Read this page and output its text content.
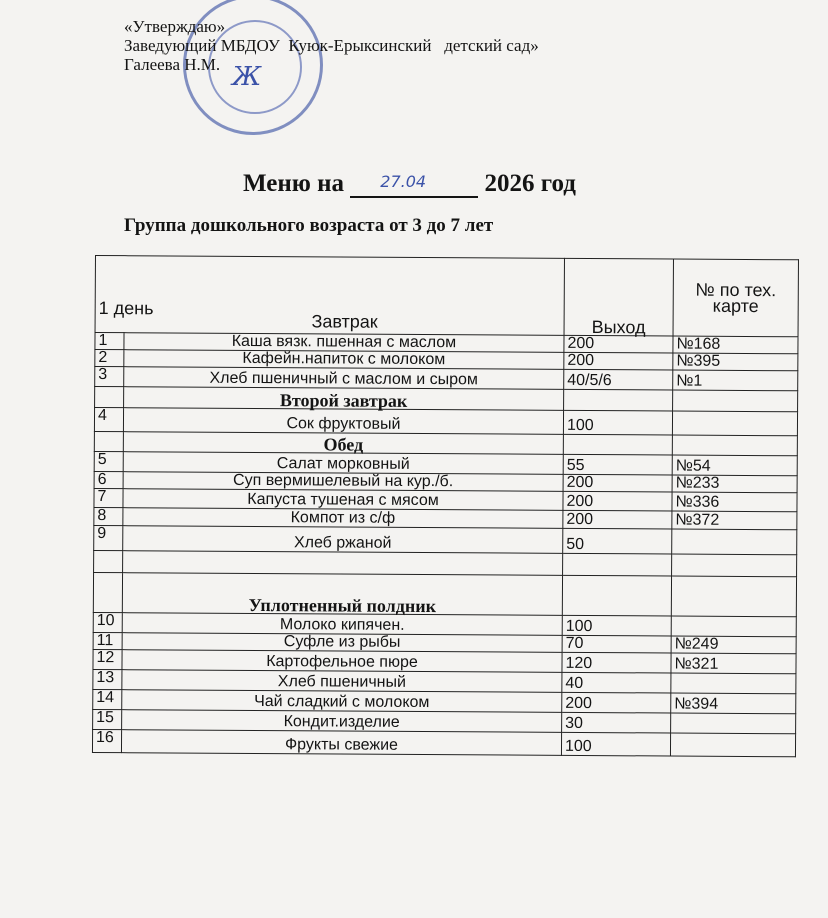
Ж
«Утверждаю»
Заведующий МБДОУ  Куюк-Ерыксинский   детский сад»
Галеева Н.М.
Меню на 27.04 2026 год
Группа дошкольного возраста от 3 до 7 лет
1 день
Завтрак		Выход	№ по тех. карте
1	Каша вязк. пшенная с маслом	200	№168
2	Кафейн.напиток с молоком	200	№395
3	Хлеб пшеничный с маслом и сыром	40/5/6	№1
	Второй завтрак		
4	Сок фруктовый	100	
	Обед		
5	Салат морковный	55	№54
6	Суп вермишелевый на кур./б.	200	№233
7	Капуста тушеная с мясом	200	№336
8	Компот из с/ф	200	№372
9	Хлеб ржаной	50	

	Уплотненный полдник		
10	Молоко кипячен.	100	
11	Суфле из рыбы	70	№249
12	Картофельное пюре	120	№321
13	Хлеб пшеничный	40	
14	Чай сладкий с молоком	200	№394
15	Кондит.изделие	30	
16	Фрукты свежие	100	
